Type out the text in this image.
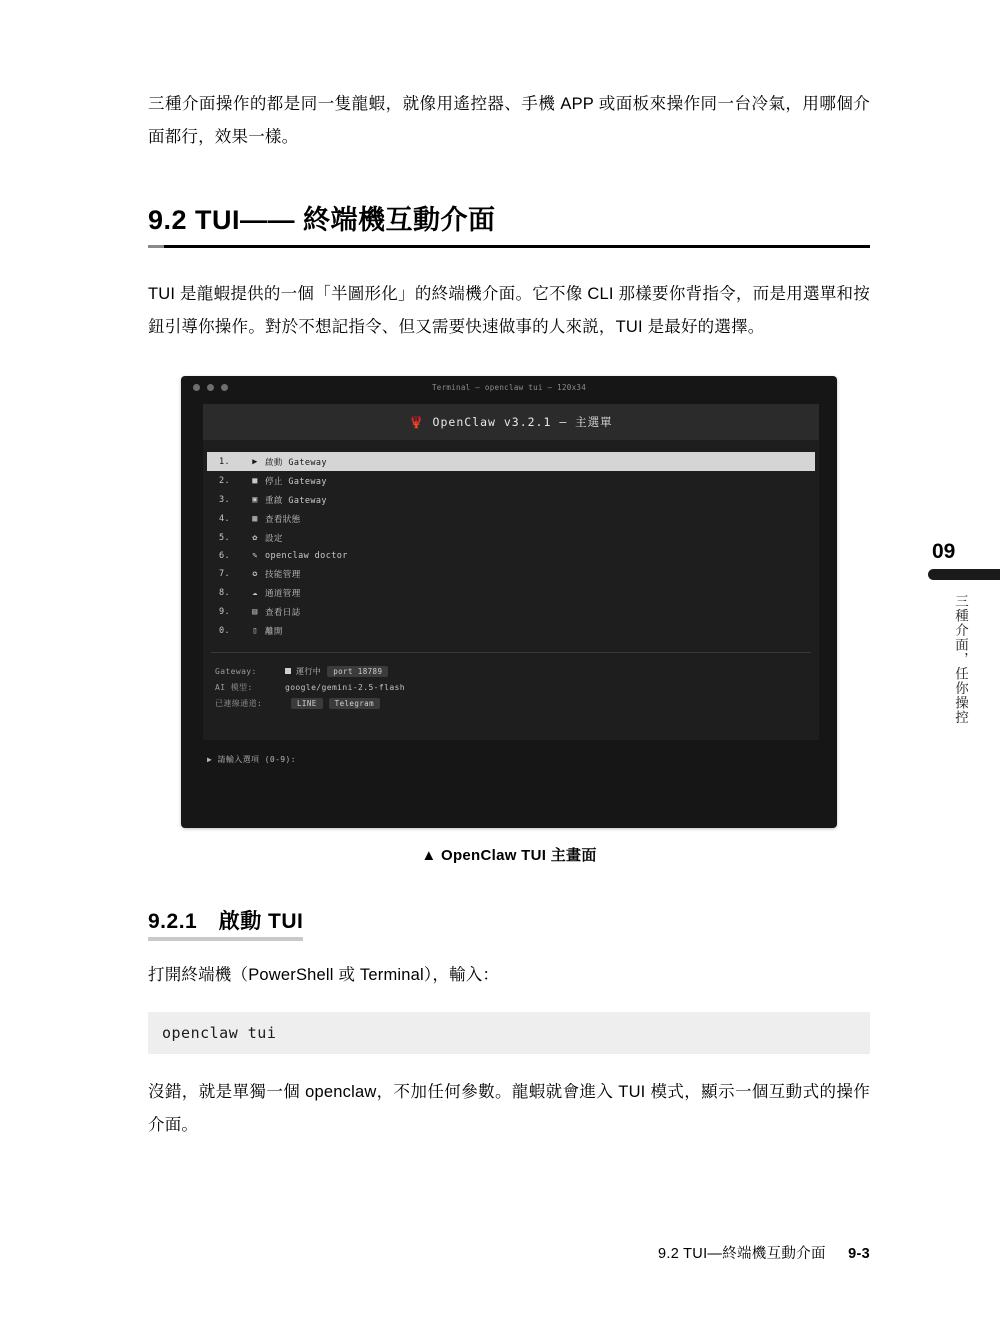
三種介面操作的都是同一隻龍蝦，就像用遙控器、手機 APP 或面板來操作同一台冷氣，用哪個介面都行，效果一樣。

9.2 TUI—— 終端機互動介面

TUI 是龍蝦提供的一個「半圖形化」的終端機介面。它不像 CLI 那樣要你背指令，而是用選單和按鈕引導你操作。對於不想記指令、但又需要快速做事的人來説，TUI 是最好的選擇。

Terminal — openclaw tui — 120x34
🦞 OpenClaw v3.2.1 — 主選單
1.	▶ 啟動 Gateway
2.	■ 停止 Gateway
3.	▣ 重啟 Gateway
4.	▦ 查看狀態
5.	✿ 設定
6.	✎ openclaw doctor
7.	✪ 技能管理
8.	☁ 通道管理
9.	▤ 查看日誌
0.	▯ 離開
Gateway:	運行中	port 18789
AI 模型:	google/gemini-2.5-flash
已連線通道:	LINE	Telegram
▶ 請輸入選項 (0-9):
▲ OpenClaw TUI 主畫面
9.2.1　啟動 TUI

打開終端機（PowerShell 或 Terminal），輸入：

openclaw tui

沒錯，就是單獨一個 openclaw，不加任何參數。龍蝦就會進入 TUI 模式，顯示一個互動式的操作介面。

09
三種介面，任你操控
9.2 TUI—終端機互動介面 9-3
